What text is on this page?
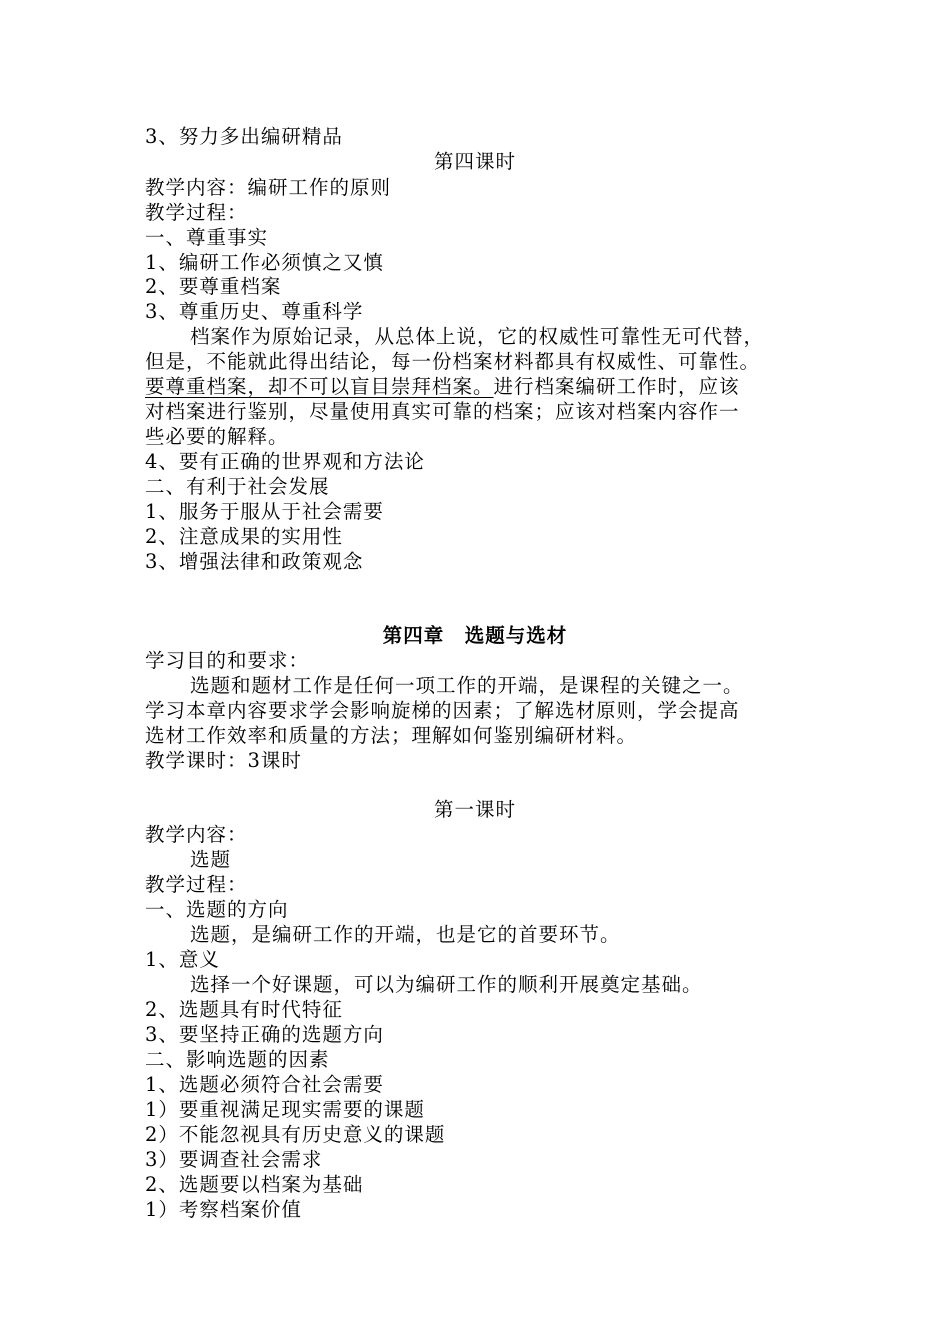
3、努力多出编研精品
第四课时
教学内容：编研工作的原则
教学过程：
一、尊重事实
1、编研工作必须慎之又慎
2、要尊重档案
3、尊重历史、尊重科学
档案作为原始记录，从总体上说，它的权威性可靠性无可代替，
但是，不能就此得出结论，每一份档案材料都具有权威性、可靠性。
要尊重档案，却不可以盲目崇拜档案。进行档案编研工作时，应该
对档案进行鉴别，尽量使用真实可靠的档案；应该对档案内容作一
些必要的解释。
4、要有正确的世界观和方法论
二、有利于社会发展
1、服务于服从于社会需要
2、注意成果的实用性
3、增强法律和政策观念
第四章　选题与选材
学习目的和要求：
选题和题材工作是任何一项工作的开端，是课程的关键之一。
学习本章内容要求学会影响旋梯的因素；了解选材原则，学会提高
选材工作效率和质量的方法；理解如何鉴别编研材料。
教学课时：3课时
第一课时
教学内容：
选题
教学过程：
一、选题的方向
选题，是编研工作的开端，也是它的首要环节。
1、意义
选择一个好课题，可以为编研工作的顺利开展奠定基础。
2、选题具有时代特征
3、要坚持正确的选题方向
二、影响选题的因素
1、选题必须符合社会需要
1）要重视满足现实需要的课题
2）不能忽视具有历史意义的课题
3）要调查社会需求
2、选题要以档案为基础
1）考察档案价值
